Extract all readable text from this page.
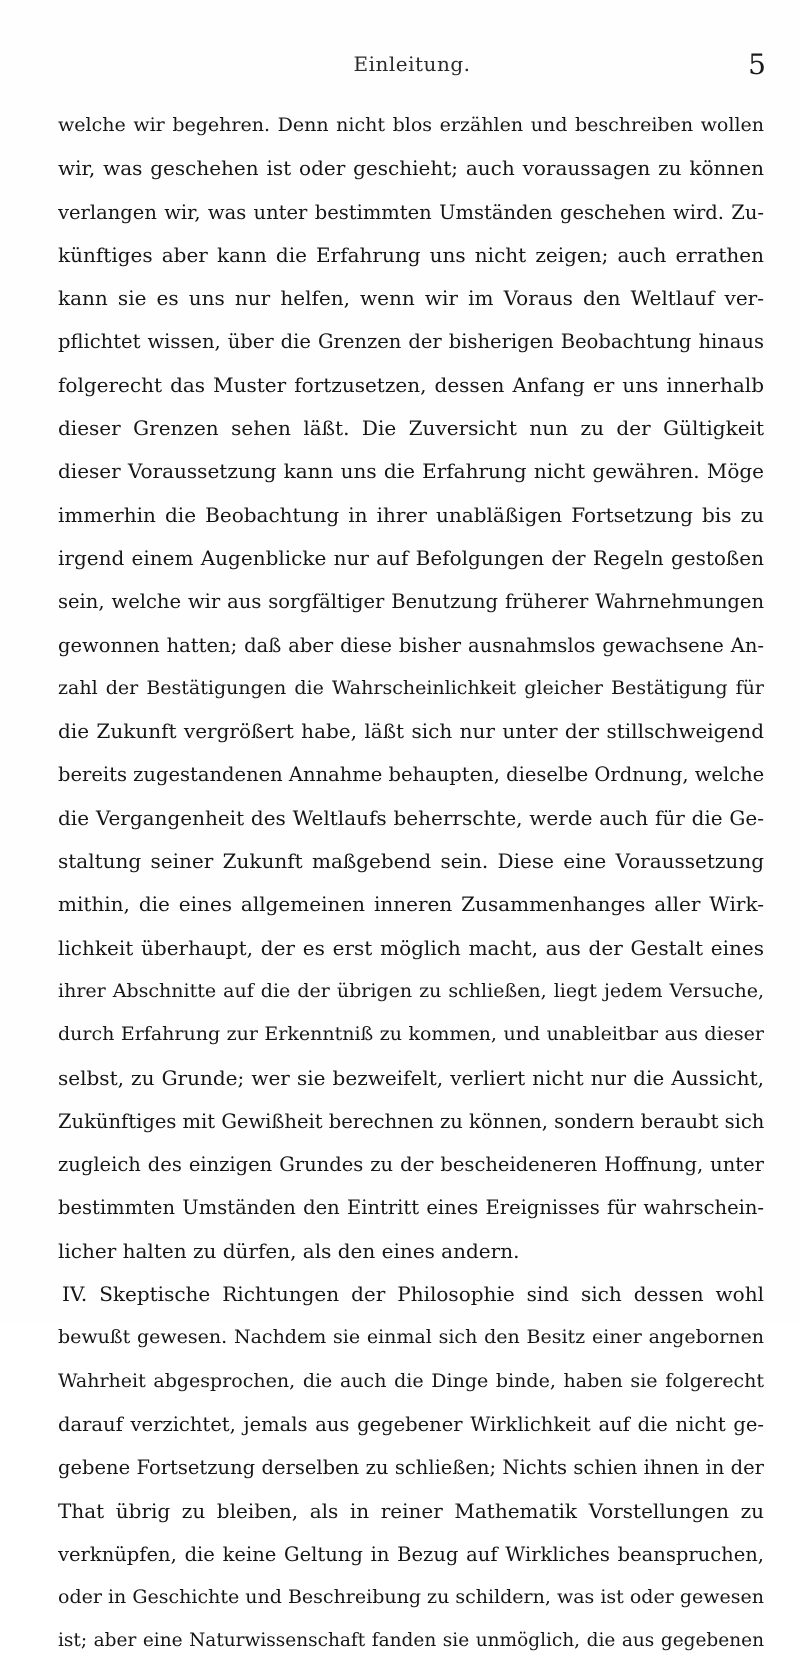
Einleitung.	5
welche wir begehren. Denn nicht blos erzählen und beschreiben wollen
wir, was geschehen ist oder geschieht; auch voraussagen zu können
verlangen wir, was unter bestimmten Umständen geschehen wird. Zu-
künftiges aber kann die Erfahrung uns nicht zeigen; auch errathen
kann sie es uns nur helfen, wenn wir im Voraus den Weltlauf ver-
pflichtet wissen, über die Grenzen der bisherigen Beobachtung hinaus
folgerecht das Muster fortzusetzen, dessen Anfang er uns innerhalb
dieser Grenzen sehen läßt. Die Zuversicht nun zu der Gültigkeit
dieser Voraussetzung kann uns die Erfahrung nicht gewähren. Möge
immerhin die Beobachtung in ihrer unabläßigen Fortsetzung bis zu
irgend einem Augenblicke nur auf Befolgungen der Regeln gestoßen
sein, welche wir aus sorgfältiger Benutzung früherer Wahrnehmungen
gewonnen hatten; daß aber diese bisher ausnahmslos gewachsene An-
zahl der Bestätigungen die Wahrscheinlichkeit gleicher Bestätigung für
die Zukunft vergrößert habe, läßt sich nur unter der stillschweigend
bereits zugestandenen Annahme behaupten, dieselbe Ordnung, welche
die Vergangenheit des Weltlaufs beherrschte, werde auch für die Ge-
staltung seiner Zukunft maßgebend sein. Diese eine Voraussetzung
mithin, die eines allgemeinen inneren Zusammenhanges aller Wirk-
lichkeit überhaupt, der es erst möglich macht, aus der Gestalt eines
ihrer Abschnitte auf die der übrigen zu schließen, liegt jedem Versuche,
durch Erfahrung zur Erkenntniß zu kommen, und unableitbar aus dieser
selbst, zu Grunde; wer sie bezweifelt, verliert nicht nur die Aussicht,
Zukünftiges mit Gewißheit berechnen zu können, sondern beraubt sich
zugleich des einzigen Grundes zu der bescheideneren Hoffnung, unter
bestimmten Umständen den Eintritt eines Ereignisses für wahrschein-
licher halten zu dürfen, als den eines andern.
IV. Skeptische Richtungen der Philosophie sind sich dessen wohl
bewußt gewesen. Nachdem sie einmal sich den Besitz einer angebornen
Wahrheit abgesprochen, die auch die Dinge binde, haben sie folgerecht
darauf verzichtet, jemals aus gegebener Wirklichkeit auf die nicht ge-
gebene Fortsetzung derselben zu schließen; Nichts schien ihnen in der
That übrig zu bleiben, als in reiner Mathematik Vorstellungen zu
verknüpfen, die keine Geltung in Bezug auf Wirkliches beanspruchen,
oder in Geschichte und Beschreibung zu schildern, was ist oder gewesen
ist; aber eine Naturwissenschaft fanden sie unmöglich, die aus gegebenen
